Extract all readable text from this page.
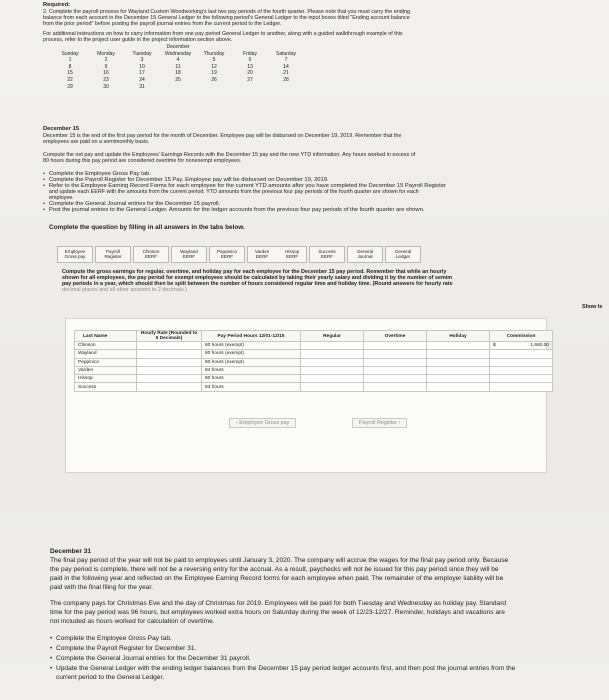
Required:
2. Complete the payroll process for Wayland Custom Woodworking's last two pay periods of the fourth quarter. Please note that you must carry the ending
balance from each account in the December 15 General Ledger to the following period's General Ledger to the input boxes titled "Ending account balance
from the prior period" before posting the payroll journal entries from the current period to the Ledger.
For additional instructions on how to carry information from one pay period General Ledger to another, along with a guided walkthrough example of this
process, refer to the project user guide in the project information section above.
December
Sunday	Monday	Tuesday	Wednesday	Thursday	Friday	Saturday
1	2	3	4	5	6	7
8	9	10	11	12	13	14
15	16	17	18	19	20	21
22	23	24	25	26	27	28
29	30	31
December 15
December 15 is the end of the first pay period for the month of December. Employee pay will be disbursed on December 19, 2019. Remember that the
employees are paid on a semimonthly basis.
Compute the net pay and update the Employees' Earnings Records with the December 15 pay and the new YTD information. Any hours worked in excess of
80 hours during this pay period are considered overtime for nonexempt employees.
• Complete the Employee Gross Pay tab.
• Complete the Payroll Register for December 15 Pay. Employee pay will be disbursed on December 19, 2019.
• Refer to the Employee Earning Record Forms for each employee for the current YTD amounts after you have completed the December 15 Payroll Register
and update each EERF with the amounts from the current period. YTD amounts from the previous four pay periods of the fourth quarter are shown for each
employee.
• Complete the General Journal entries for the December 15 payroll.
• Post the journal entries to the General Ledger. Amounts for the ledger accounts from the previous four pay periods of the fourth quarter are shown.
Complete the question by filling in all answers in the tabs below.
Employee
Gross pay
Payroll
Register
Chinson
EERF
Wayland
EERF
Peppinico
EERF
Varden EERF
Hissop EERF
Success
EERF
General
Journal
General
Ledger
Compute the gross earnings for regular, overtime, and holiday pay for each employee for the December 15 pay period. Remember that while an hourly
shown for all employees, the pay period for exempt employees should be calculated by taking their yearly salary and dividing it by the number of semim
pay periods in a year, which should then be split between the number of hours considered regular time and holiday time. (Round answers for hourly rate
decimal places and all other answers to 2 decimals.)
Show le
Last Name	Hourly Rate (Rounded to 5 Decimals)	Pay Period Hours 12/01-12/15	Regular	Overtime	Holiday	Commission
Chinson		80 hours (exempt)				$ 1,680.00

Wayland		80 hours (exempt)				
Peppinico		80 hours (exempt)				
Varden		84 hours				
Hissop		80 hours				
Success		83 hours				
‹ Employee Gross pay	Payroll Register ›
December 31
The final pay period of the year will not be paid to employees until January 3, 2020. The company will accrue the wages for the final pay period only. Because
the pay period is complete, there will not be a reversing entry for the accrual. As a result, paychecks will not be issued for this pay period since they will be
paid in the following year and reflected on the Employee Earning Record forms for each employee when paid. The remainder of the employer liability will be
paid with the final filing for the year.
The company pays for Christmas Eve and the day of Christmas for 2019. Employees will be paid for both Tuesday and Wednesday as holiday pay. Standard
time for the pay period was 96 hours, but employees worked extra hours on Saturday during the week of 12/23-12/27. Reminder, holidays and vacations are
not included as hours worked for calculation of overtime.
• Complete the Employee Gross Pay tab.
• Complete the Payroll Register for December 31.
• Complete the General Journal entries for the December 31 payroll.
• Update the General Ledger with the ending ledger balances from the December 15 pay period ledger accounts first, and then post the journal entries from the
current period to the General Ledger.
